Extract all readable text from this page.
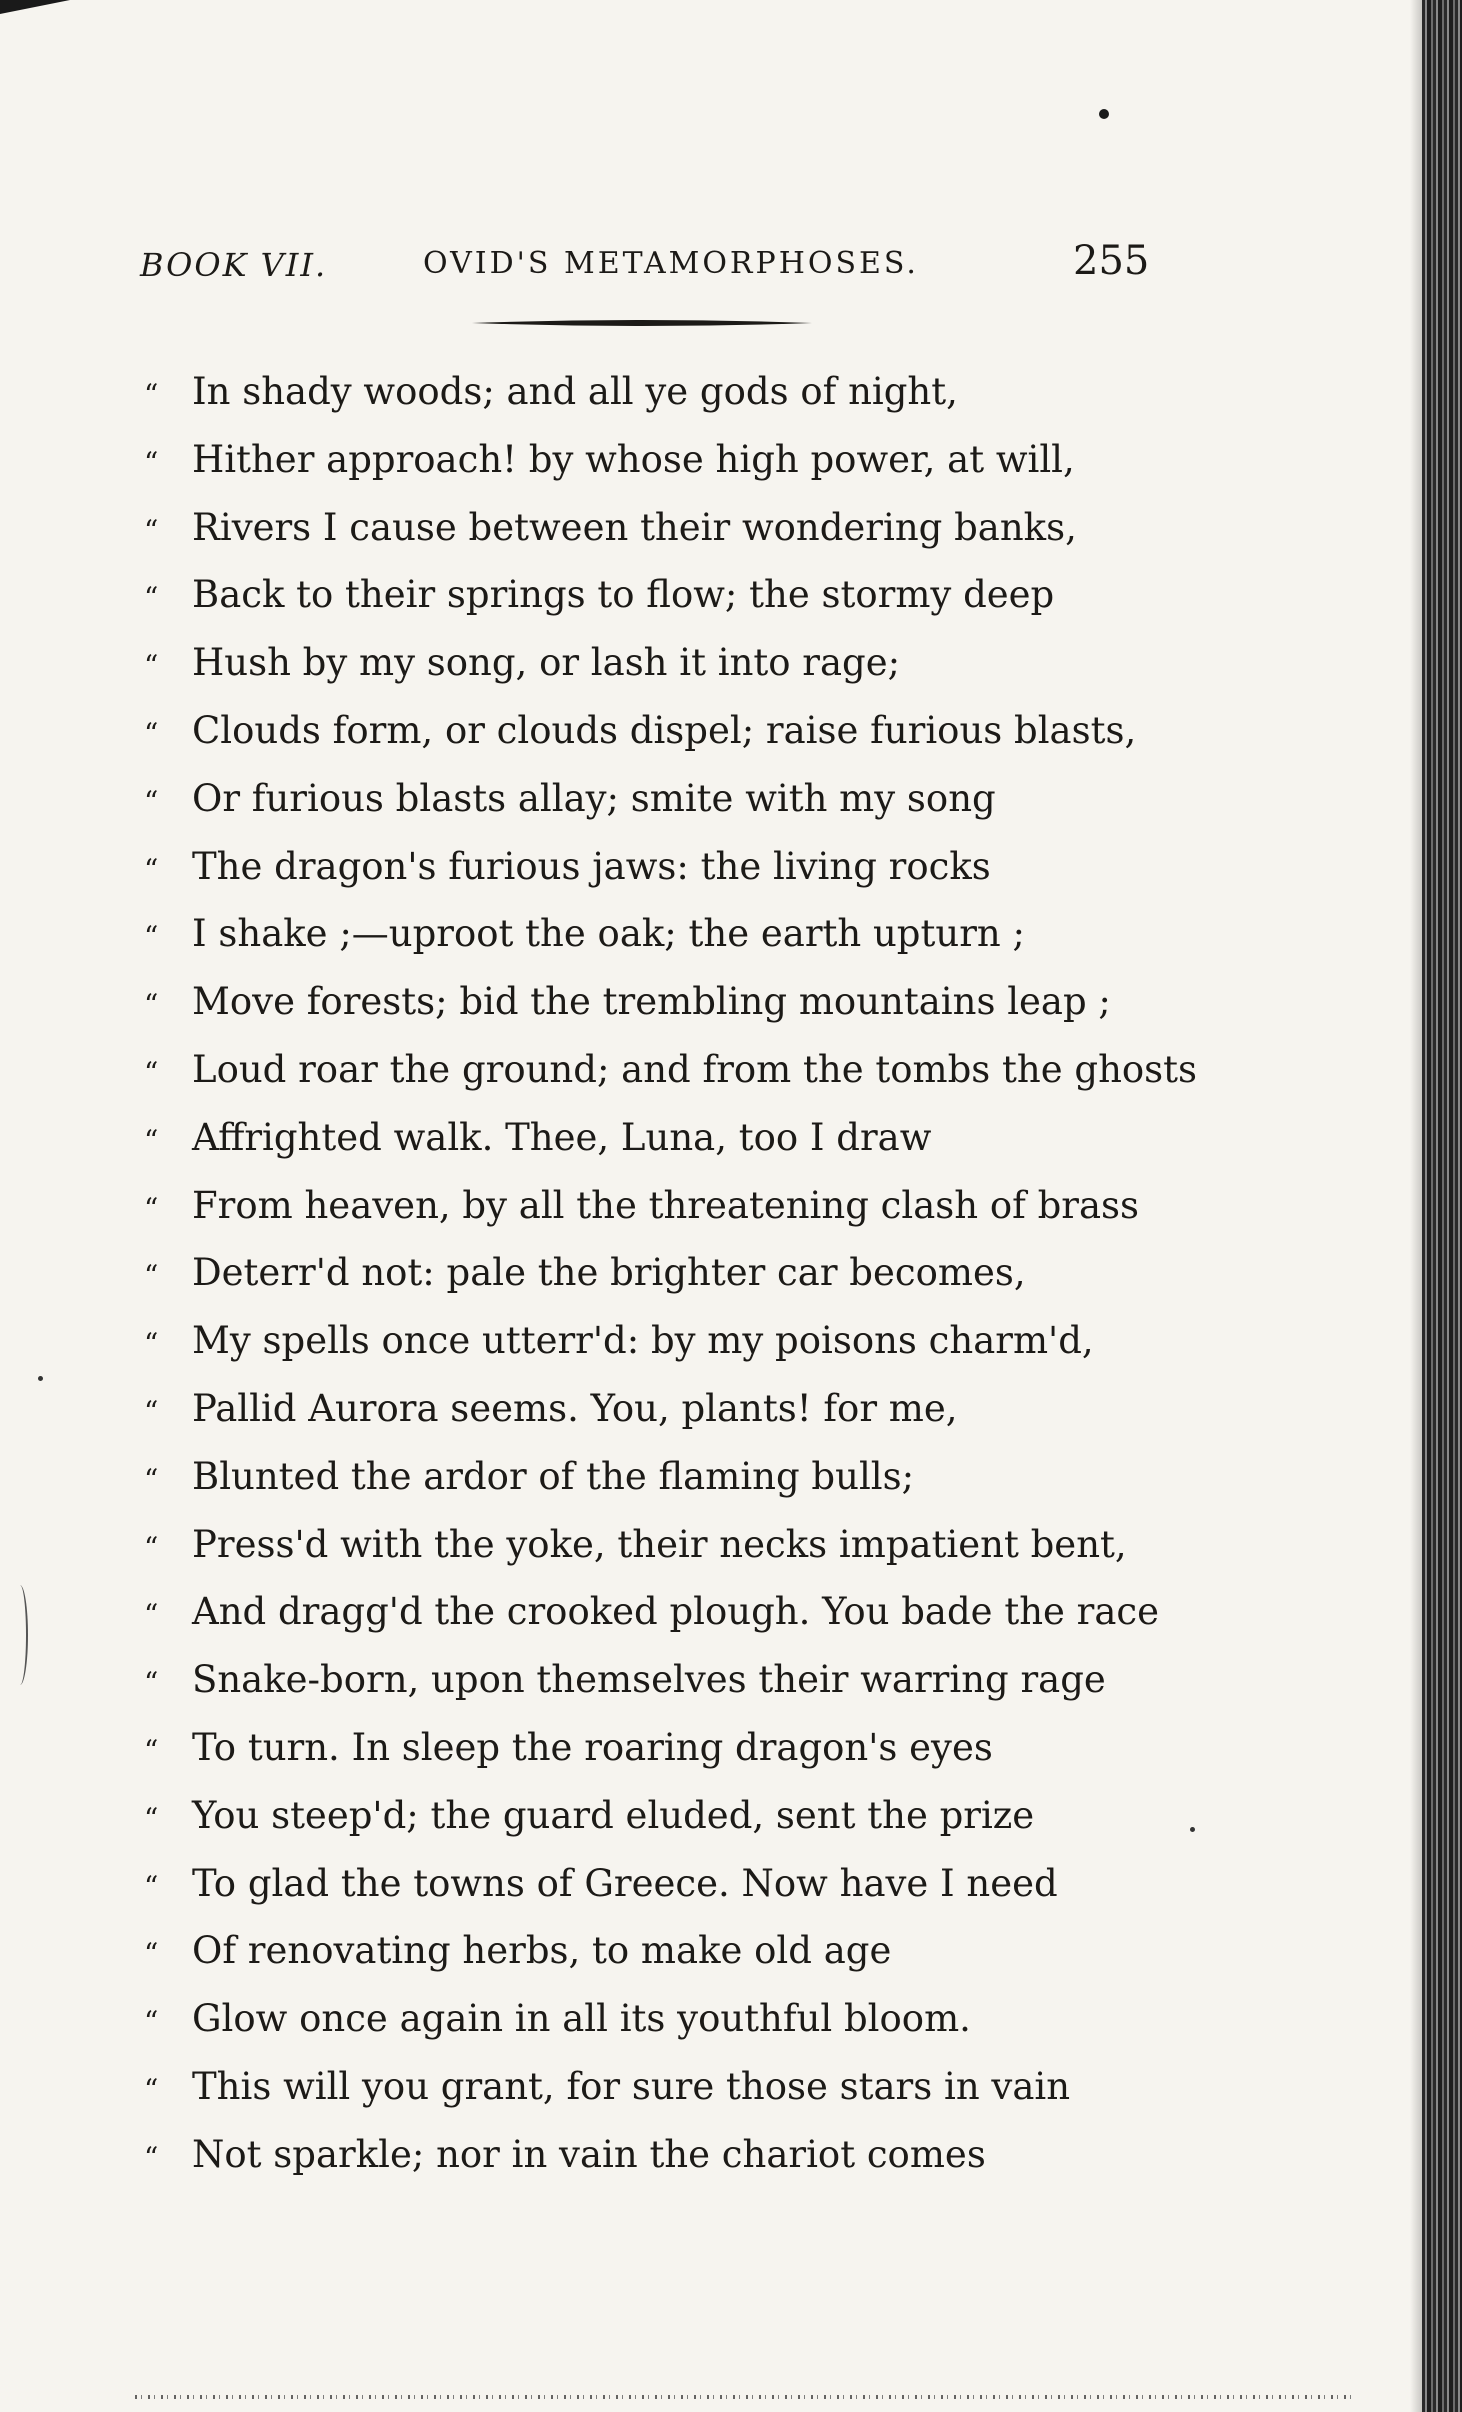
BOOK VII.	OVID'S METAMORPHOSES.	255
“ In shady woods; and all ye gods of night,
“ Hither approach! by whose high power, at will,
“ Rivers I cause between their wondering banks,
“ Back to their springs to flow; the stormy deep
“ Hush by my song, or lash it into rage;
“ Clouds form, or clouds dispel; raise furious blasts,
“ Or furious blasts allay; smite with my song
“ The dragon's furious jaws: the living rocks
“ I shake ;—uproot the oak; the earth upturn ;
“ Move forests; bid the trembling mountains leap ;
“ Loud roar the ground; and from the tombs the ghosts
“ Affrighted walk. Thee, Luna, too I draw
“ From heaven, by all the threatening clash of brass
“ Deterr'd not: pale the brighter car becomes,
“ My spells once utterr'd: by my poisons charm'd,
“ Pallid Aurora seems. You, plants! for me,
“ Blunted the ardor of the flaming bulls;
“ Press'd with the yoke, their necks impatient bent,
“ And dragg'd the crooked plough. You bade the race
“ Snake-born, upon themselves their warring rage
“ To turn. In sleep the roaring dragon's eyes
“ You steep'd; the guard eluded, sent the prize
“ To glad the towns of Greece. Now have I need
“ Of renovating herbs, to make old age
“ Glow once again in all its youthful bloom.
“ This will you grant, for sure those stars in vain
“ Not sparkle; nor in vain the chariot comes
